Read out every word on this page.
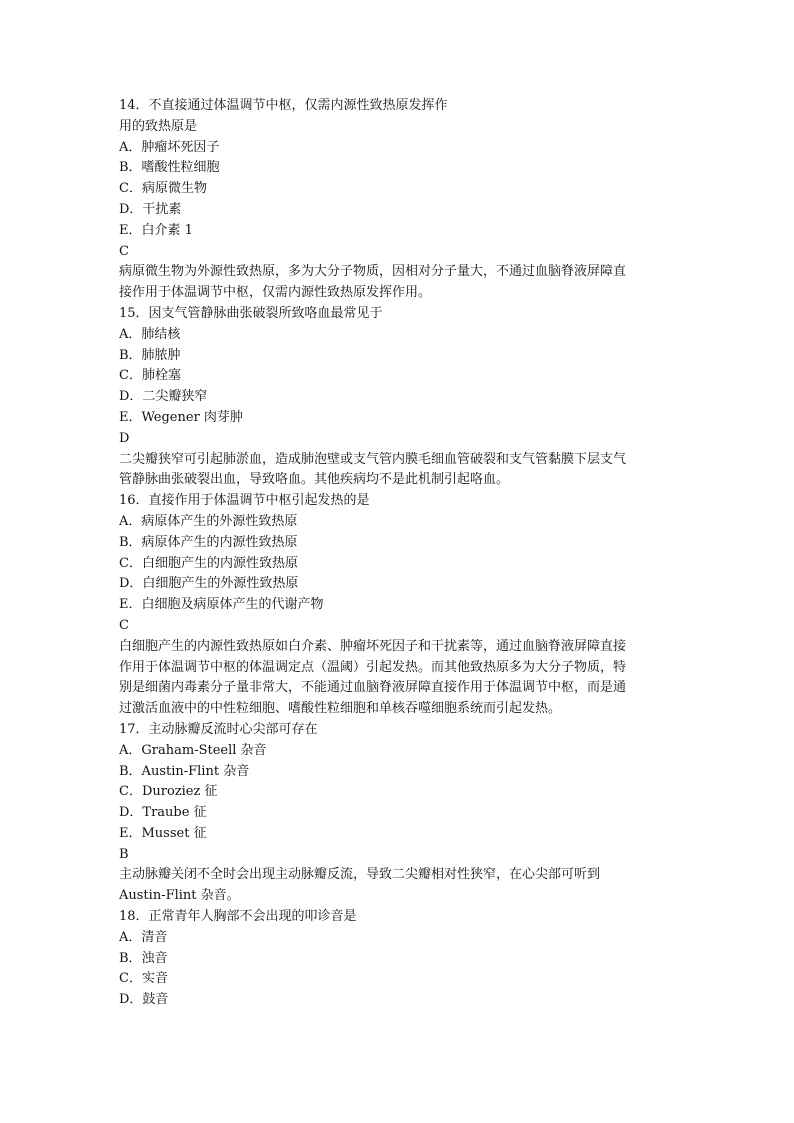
14．不直接通过体温调节中枢，仅需内源性致热原发挥作
用的致热原是
A．肿瘤坏死因子
B．嗜酸性粒细胞
C．病原微生物
D．干扰素
E．白介素 1
C
病原微生物为外源性致热原，多为大分子物质，因相对分子量大，不通过血脑脊液屏障直
接作用于体温调节中枢，仅需内源性致热原发挥作用。
15．因支气管静脉曲张破裂所致咯血最常见于
A．肺结核
B．肺脓肿
C．肺栓塞
D．二尖瓣狭窄
E．Wegener 肉芽肿
D
二尖瓣狭窄可引起肺淤血，造成肺泡壁或支气管内膜毛细血管破裂和支气管黏膜下层支气
管静脉曲张破裂出血，导致咯血。其他疾病均不是此机制引起咯血。
16．直接作用于体温调节中枢引起发热的是
A．病原体产生的外源性致热原
B．病原体产生的内源性致热原
C．白细胞产生的内源性致热原
D．白细胞产生的外源性致热原
E．白细胞及病原体产生的代谢产物
C
白细胞产生的内源性致热原如白介素、肿瘤坏死因子和干扰素等，通过血脑脊液屏障直接
作用于体温调节中枢的体温调定点（温阈）引起发热。而其他致热原多为大分子物质，特
别是细菌内毒素分子量非常大，不能通过血脑脊液屏障直接作用于体温调节中枢，而是通
过激活血液中的中性粒细胞、嗜酸性粒细胞和单核吞噬细胞系统而引起发热。
17．主动脉瓣反流时心尖部可存在
A．Graham-Steell 杂音
B．Austin-Flint 杂音
C．Duroziez 征
D．Traube 征
E．Musset 征
B
主动脉瓣关闭不全时会出现主动脉瓣反流，导致二尖瓣相对性狭窄，在心尖部可听到
Austin-Flint 杂音。
18．正常青年人胸部不会出现的叩诊音是
A．清音
B．浊音
C．实音
D．鼓音
